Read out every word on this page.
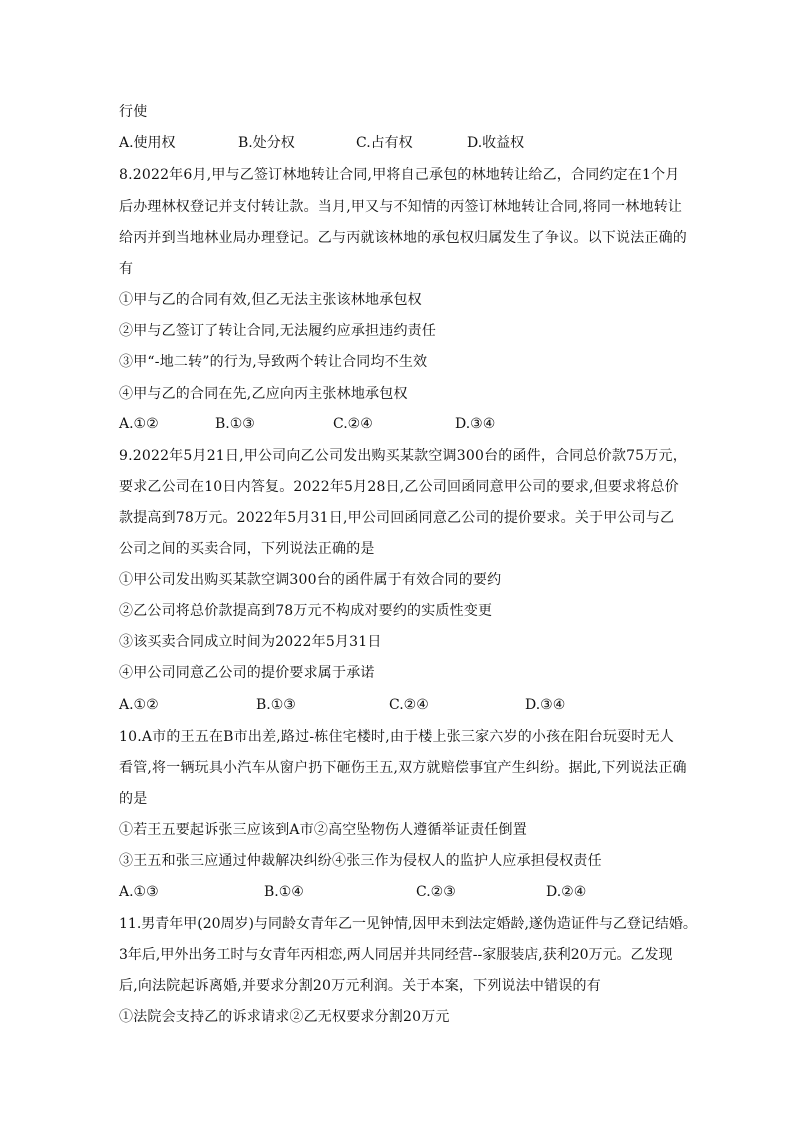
行使
A.使用权	B.处分权	C.占有权	D.收益权
8.2022年6月,甲与乙签订林地转让合同,甲将自己承包的林地转让给乙，合同约定在1个月
后办理林权登记并支付转让款。当月,甲又与不知情的丙签订林地转让合同,将同一林地转让
给丙并到当地林业局办理登记。乙与丙就该林地的承包权归属发生了争议。以下说法正确的
有
①甲与乙的合同有效,但乙无法主张该林地承包权
②甲与乙签订了转让合同,无法履约应承担违约责任
③甲“-地二转”的行为,导致两个转让合同均不生效
④甲与乙的合同在先,乙应向丙主张林地承包权
A.①②	B.①③	C.②④	D.③④
9.2022年5月21日,甲公司向乙公司发出购买某款空调300台的函件，合同总价款75万元，
要求乙公司在10日内答复。2022年5月28日,乙公司回函同意甲公司的要求,但要求将总价
款提高到78万元。2022年5月31日,甲公司回函同意乙公司的提价要求。关于甲公司与乙
公司之间的买卖合同，下列说法正确的是
①甲公司发出购买某款空调300台的函件属于有效合同的要约
②乙公司将总价款提高到78万元不构成对要约的实质性变更
③该买卖合同成立时间为2022年5月31日
④甲公司同意乙公司的提价要求属于承诺
A.①②	B.①③	C.②④	D.③④
10.A市的王五在B市出差,路过-栋住宅楼时,由于楼上张三家六岁的小孩在阳台玩耍时无人
看管,将一辆玩具小汽车从窗户扔下砸伤王五,双方就赔偿事宜产生纠纷。据此,下列说法正确
的是
①若王五要起诉张三应该到A市②高空坠物伤人遵循举证责任倒置
③王五和张三应通过仲裁解决纠纷④张三作为侵权人的监护人应承担侵权责任
A.①③	B.①④	C.②③	D.②④
11.男青年甲(20周岁)与同龄女青年乙一见钟情,因甲未到法定婚龄,遂伪造证件与乙登记结婚。
3年后,甲外出务工时与女青年丙相恋,两人同居并共同经营--家服装店,获利20万元。乙发现
后,向法院起诉离婚,并要求分割20万元利润。关于本案，下列说法中错误的有
①法院会支持乙的诉求请求②乙无权要求分割20万元
